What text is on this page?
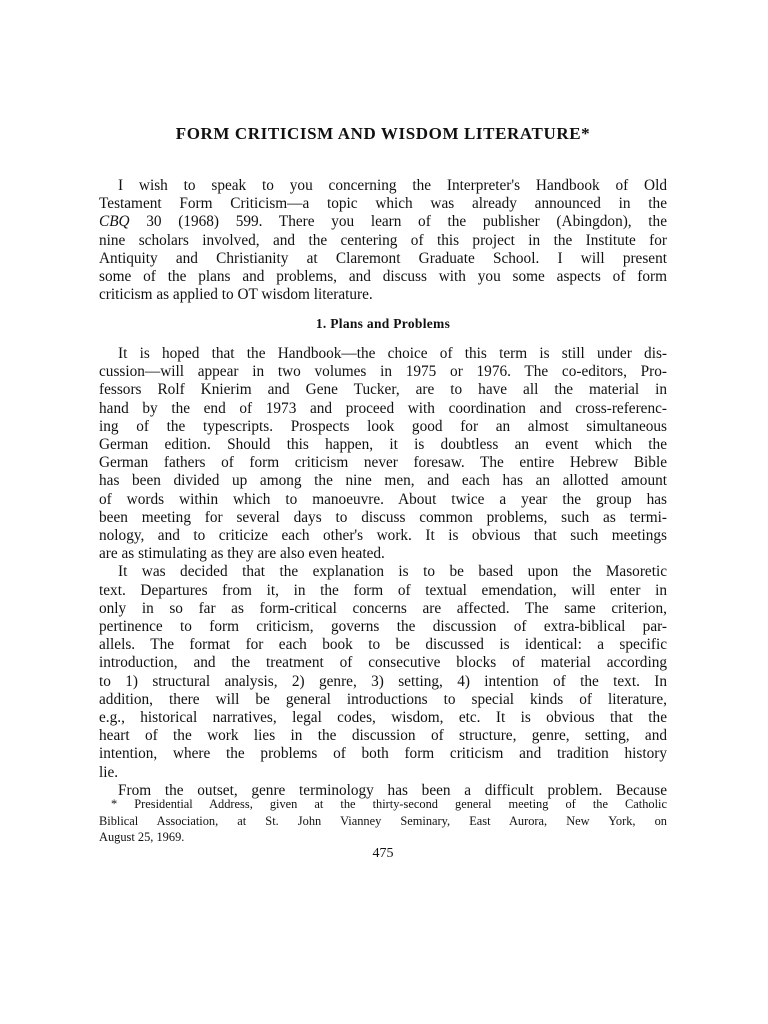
FORM CRITICISM AND WISDOM LITERATURE*
I wish to speak to you concerning the Interpreter's Handbook of Old
Testament Form Criticism—a topic which was already announced in the
CBQ 30 (1968) 599. There you learn of the publisher (Abingdon), the
nine scholars involved, and the centering of this project in the Institute for
Antiquity and Christianity at Claremont Graduate School. I will present
some of the plans and problems, and discuss with you some aspects of form
criticism as applied to OT wisdom literature.
1. Plans and Problems
It is hoped that the Handbook—the choice of this term is still under dis-
cussion—will appear in two volumes in 1975 or 1976. The co-editors, Pro-
fessors Rolf Knierim and Gene Tucker, are to have all the material in
hand by the end of 1973 and proceed with coordination and cross-referenc-
ing of the typescripts. Prospects look good for an almost simultaneous
German edition. Should this happen, it is doubtless an event which the
German fathers of form criticism never foresaw. The entire Hebrew Bible
has been divided up among the nine men, and each has an allotted amount
of words within which to manoeuvre. About twice a year the group has
been meeting for several days to discuss common problems, such as termi-
nology, and to criticize each other's work. It is obvious that such meetings
are as stimulating as they are also even heated.
It was decided that the explanation is to be based upon the Masoretic
text. Departures from it, in the form of textual emendation, will enter in
only in so far as form-critical concerns are affected. The same criterion,
pertinence to form criticism, governs the discussion of extra-biblical par-
allels. The format for each book to be discussed is identical: a specific
introduction, and the treatment of consecutive blocks of material according
to 1) structural analysis, 2) genre, 3) setting, 4) intention of the text. In
addition, there will be general introductions to special kinds of literature,
e.g., historical narratives, legal codes, wisdom, etc. It is obvious that the
heart of the work lies in the discussion of structure, genre, setting, and
intention, where the problems of both form criticism and tradition history
lie.
From the outset, genre terminology has been a difficult problem. Because
* Presidential Address, given at the thirty-second general meeting of the Catholic
Biblical Association, at St. John Vianney Seminary, East Aurora, New York, on
August 25, 1969.

475
